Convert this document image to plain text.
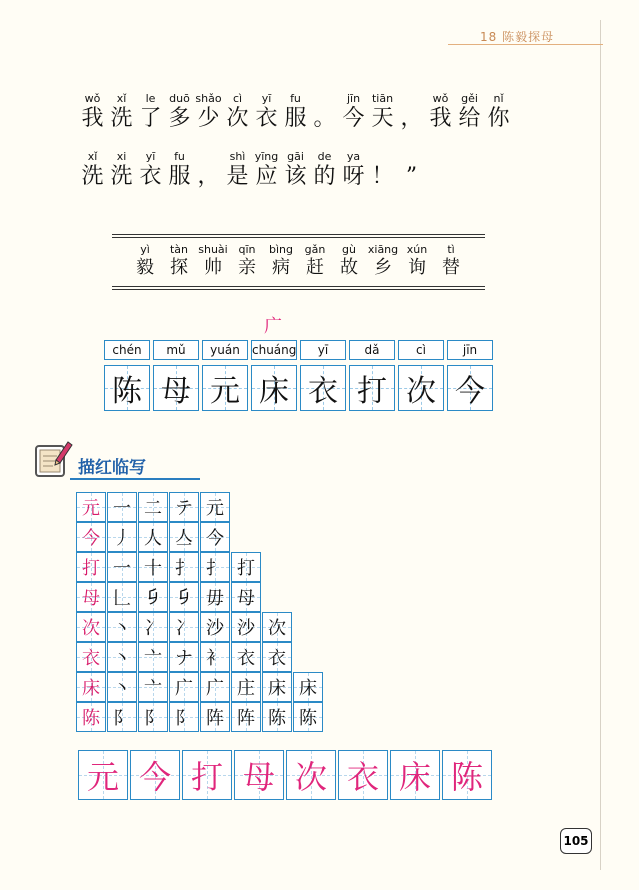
18 陈毅探母
wǒ
我
xǐ
洗
le
了
duō
多
shǎo
少
cì
次
yī
衣
fu
服 。
jīn
今
tiān
天 ，
wǒ
我
gěi
给
nǐ
你
xǐ
洗
xi
洗
yī
衣
fu
服 ，
shì
是
yīng
应
gāi
该
de
的
ya
呀 ！ ”
yì
毅
tàn
探
shuài
帅
qīn
亲
bìng
病
gǎn
赶
gù
故
xiāng
乡
xún
询
tì
替
广
chén
陈
mǔ
母
yuán
元
chuáng
床
yī
衣
dǎ
打
cì
次
jīn
今
描红临写
元 一 二 テ 元
今 丿 人 亼 今
打 一 十 扌 扌 打
母 𠃊 𠂎 𠂎 毋 母
次 丶 冫 冫 沙 沙 次
衣 丶 亠 ナ 衤 衣 衣
床 丶 亠 广 广 庄 床 床
陈 阝 阝 阝 阵 阵 陈 陈
元 今 打 母 次 衣 床 陈
105
